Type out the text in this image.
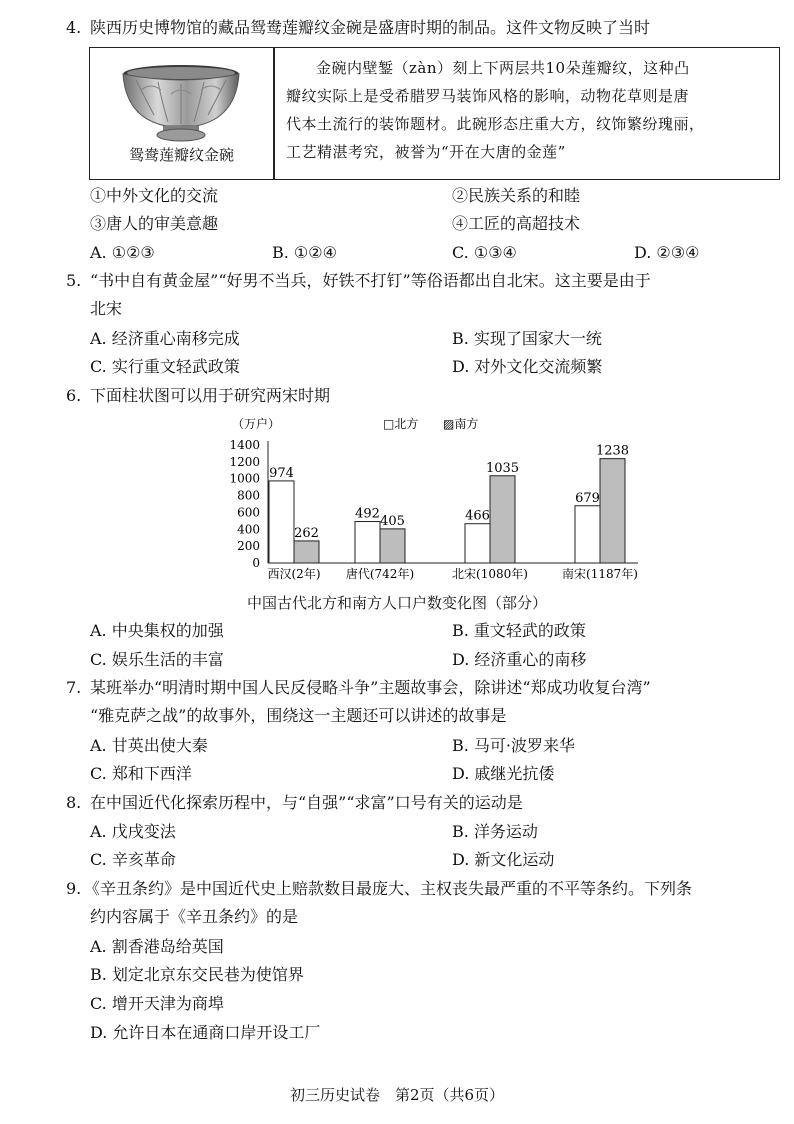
4. 陕西历史博物馆的藏品鸳鸯莲瓣纹金碗是盛唐时期的制品。这件文物反映了当时
鸳鸯莲瓣纹金碗

金碗内壁錾（zàn）刻上下两层共10朵莲瓣纹，这种凸

瓣纹实际上是受希腊罗马装饰风格的影响，动物花草则是唐

代本土流行的装饰题材。此碗形态庄重大方，纹饰繁纷瑰丽，

工艺精湛考究，被誉为“开在大唐的金莲”

①中外文化的交流	②民族关系的和睦
③唐人的审美意趣	④工匠的高超技术
A. ①②③	B. ①②④	C. ①③④	D. ②③④
5. “书中自有黄金屋”“好男不当兵，好铁不打钉”等俗语都出自北宋。这主要是由于
北宋
A. 经济重心南移完成	B. 实现了国家大一统
C. 实行重文轻武政策	D. 对外文化交流频繁
6. 下面柱状图可以用于研究两宋时期
（万户）	□北方 ▨南方
1400
1200
1000
800
600
400
200
0
974
262
西汉(2年)
492 405
唐代(742年)
466
1035
北宋(1080年)
679
1238
南宋(1187年)
中国古代北方和南方人口户数变化图（部分）
A. 中央集权的加强	B. 重文轻武的政策
C. 娱乐生活的丰富	D. 经济重心的南移
7. 某班举办“明清时期中国人民反侵略斗争”主题故事会，除讲述“郑成功收复台湾”
“雅克萨之战”的故事外，围绕这一主题还可以讲述的故事是
A. 甘英出使大秦	B. 马可·波罗来华
C. 郑和下西洋	D. 戚继光抗倭
8. 在中国近代化探索历程中，与“自强”“求富”口号有关的运动是
A. 戊戌变法	B. 洋务运动
C. 辛亥革命	D. 新文化运动
9. 《辛丑条约》是中国近代史上赔款数目最庞大、主权丧失最严重的不平等条约。下列条
约内容属于《辛丑条约》的是
A. 割香港岛给英国
B. 划定北京东交民巷为使馆界
C. 增开天津为商埠
D. 允许日本在通商口岸开设工厂
初三历史试卷　第2页（共6页）
